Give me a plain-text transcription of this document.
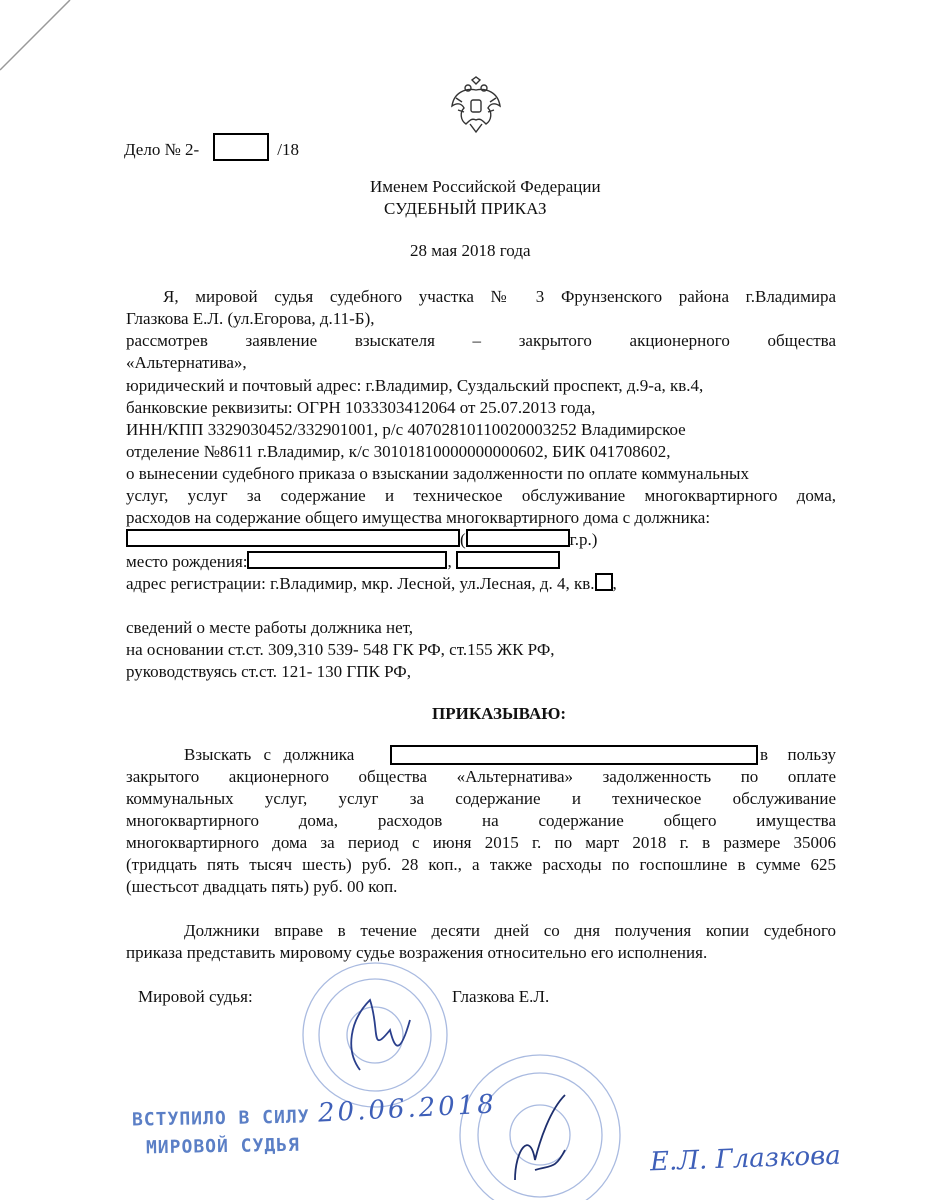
Дело № 2-	/18
Именем Российской Федерации
СУДЕБНЫЙ ПРИКАЗ
28 мая 2018 года
Я, мировой судья судебного участка № 3 Фрунзенского района г.Владимира
Глазкова Е.Л. (ул.Егорова, д.11-Б),
рассмотрев заявление взыскателя – закрытого акционерного общества
«Альтернатива»,
юридический и почтовый адрес: г.Владимир, Суздальский проспект, д.9-а, кв.4,
банковские реквизиты: ОГРН 1033303412064 от 25.07.2013 года,
ИНН/КПП 3329030452/332901001, р/с 40702810110020003252 Владимирское
отделение №8611 г.Владимир, к/с 30101810000000000602, БИК 041708602,
о вынесении судебного приказа о взыскании задолженности по оплате коммунальных
услуг, услуг за содержание и техническое обслуживание многоквартирного дома,
расходов на содержание общего имущества многоквартирного дома с должника:
(	г.р.)
место рождения:	,
адрес регистрации: г.Владимир, мкр. Лесной, ул.Лесная, д. 4, кв. ,
сведений о месте работы должника нет,
на основании ст.ст. 309,310 539- 548 ГК РФ, ст.155 ЖК РФ,
руководствуясь ст.ст. 121- 130 ГПК РФ,
ПРИКАЗЫВАЮ:
Взыскать с должника	в пользу
закрытого акционерного общества «Альтернатива» задолженность по оплате
коммунальных услуг, услуг за содержание и техническое обслуживание
многоквартирного дома, расходов на содержание общего имущества
многоквартирного дома за период с июня 2015 г. по март 2018 г. в размере 35006
(тридцать пять тысяч шесть) руб. 28 коп., а также расходы по госпошлине в сумме 625
(шестьсот двадцать пять) руб. 00 коп.
Должники вправе в течение десяти дней со дня получения копии судебного
приказа представить мировому судье возражения относительно его исполнения.
Мировой судья:	Глазкова Е.Л.
ВСТУПИЛО В СИЛУ
МИРОВОЙ СУДЬЯ
20.06.2018
Е.Л. Глазкова
